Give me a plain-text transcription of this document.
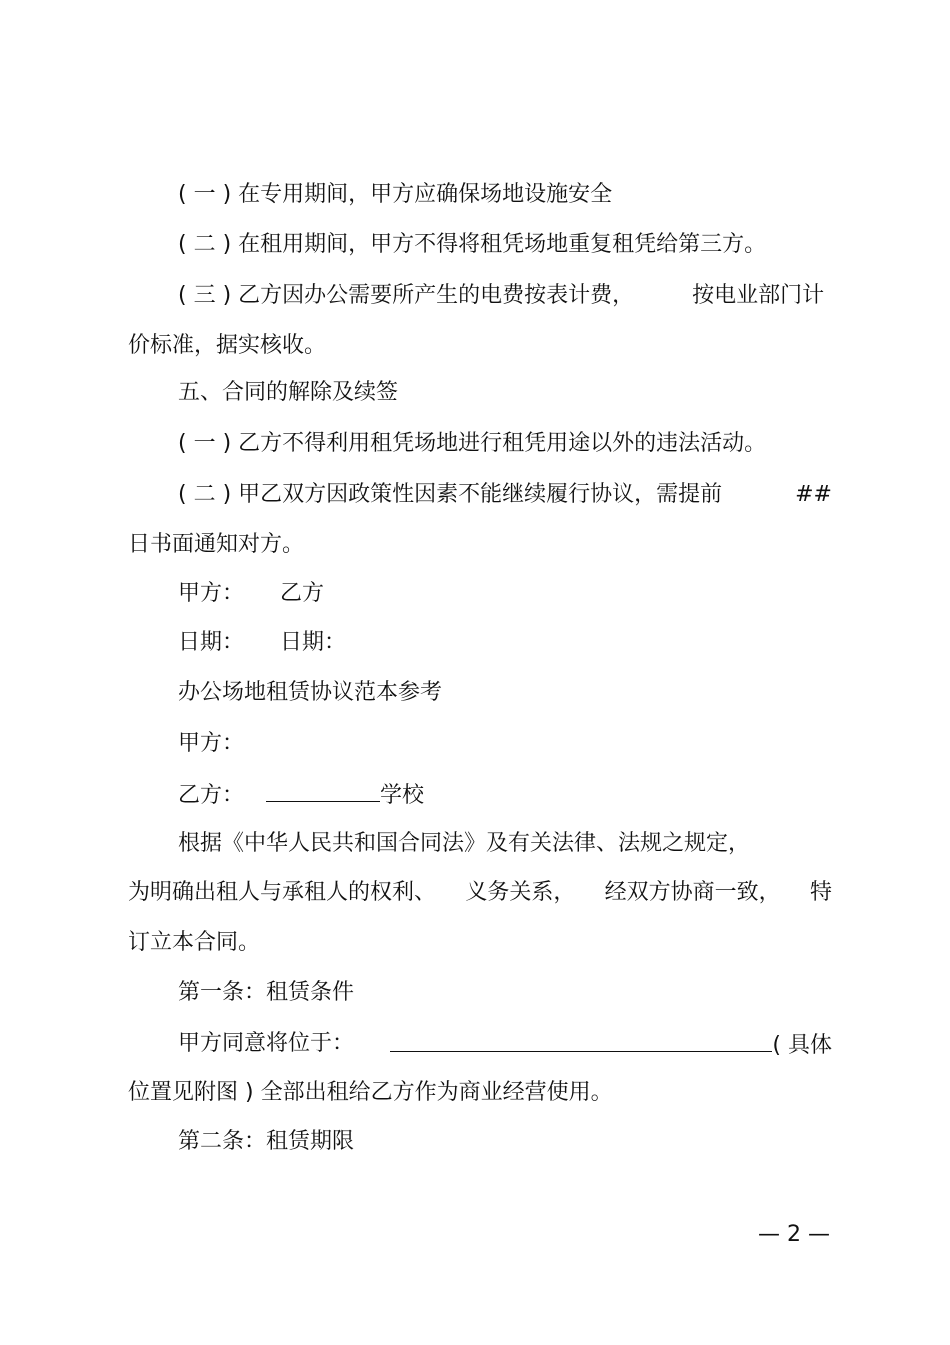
( 一 ) 在专用期间，甲方应确保场地设施安全
( 二 ) 在租用期间，甲方不得将租凭场地重复租凭给第三方。
( 三 ) 乙方因办公需要所产生的电费按表计费，	按电业部门计
价标准，据实核收。
五、合同的解除及续签
( 一 ) 乙方不得利用租凭场地进行租凭用途以外的违法活动。
( 二 ) 甲乙双方因政策性因素不能继续履行协议，需提前	##
日书面通知对方。
甲方： 乙方
日期： 日期：
办公场地租赁协议范本参考
甲方：
乙方：	学校
根据《中华人民共和国合同法》及有关法律、法规之规定，
为明确出租人与承租人的权利、 义务关系， 经双方协商一致， 特
订立本合同。
第一条：租赁条件
甲方同意将位于：	( 具体
位置见附图 ) 全部出租给乙方作为商业经营使用。
第二条：租赁期限
— 2 —
